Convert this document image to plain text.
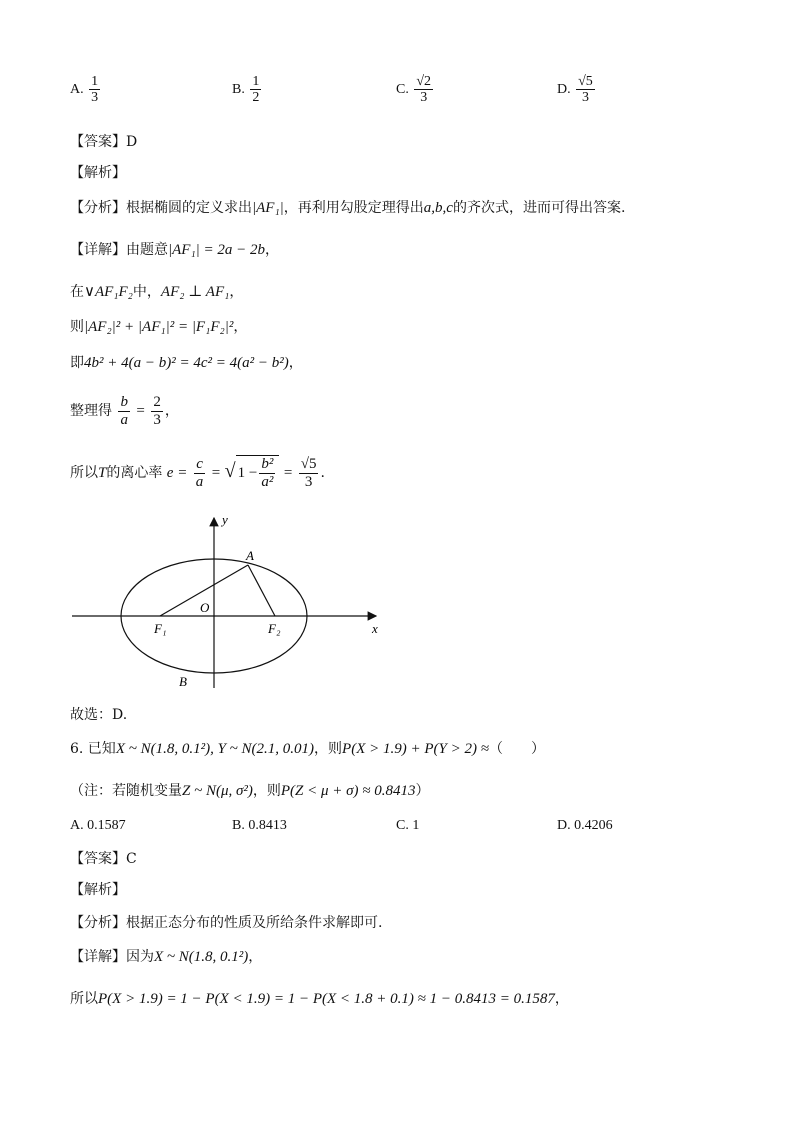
A. $\frac{1}{3}$	B. $\frac{1}{2}$	C. $\frac{√2}{3}$	D. $\frac{√5}{3}$
【答案】D
【解析】
【分析】根据椭圆的定义求出|AF₁|，再利用勾股定理得出a,b,c的齐次式，进而可得出答案.
【详解】由题意|AF₁| = 2a − 2b，
在∨AF₁F₂中，AF₂ ⊥ AF₁，
则|AF₂|² + |AF₁|² = |F₁F₂|²，
即4b² + 4(a − b)² = 4c² = 4(a² − b²)，
整理得 $\frac{b}{a} = \frac{2}{3}$ ，
所以T的离心率 $e = \frac{c}{a}$ = √ $1 - \frac{\text{b²}}{\text{a²}} = \frac{√5}{3}$ .
y
x
A
O
F₁	F₂
B
故选：D.
6. 已知X ~ N(1.8, 0.1²), Y ~ N(2.1, 0.01)，则P(X > 1.9) + P(Y > 2) ≈（　　）
（注：若随机变量Z ~ N(μ, σ²)，则P(Z < μ + σ) ≈ 0.8413）
A. 0.1587	B. 0.8413	C. 1	D. 0.4206
【答案】C
【解析】
【分析】根据正态分布的性质及所给条件求解即可.
【详解】因为X ~ N(1.8, 0.1²)，
所以P(X > 1.9) = 1 − P(X < 1.9) = 1 − P(X < 1.8 + 0.1) ≈ 1 − 0.8413 = 0.1587，
